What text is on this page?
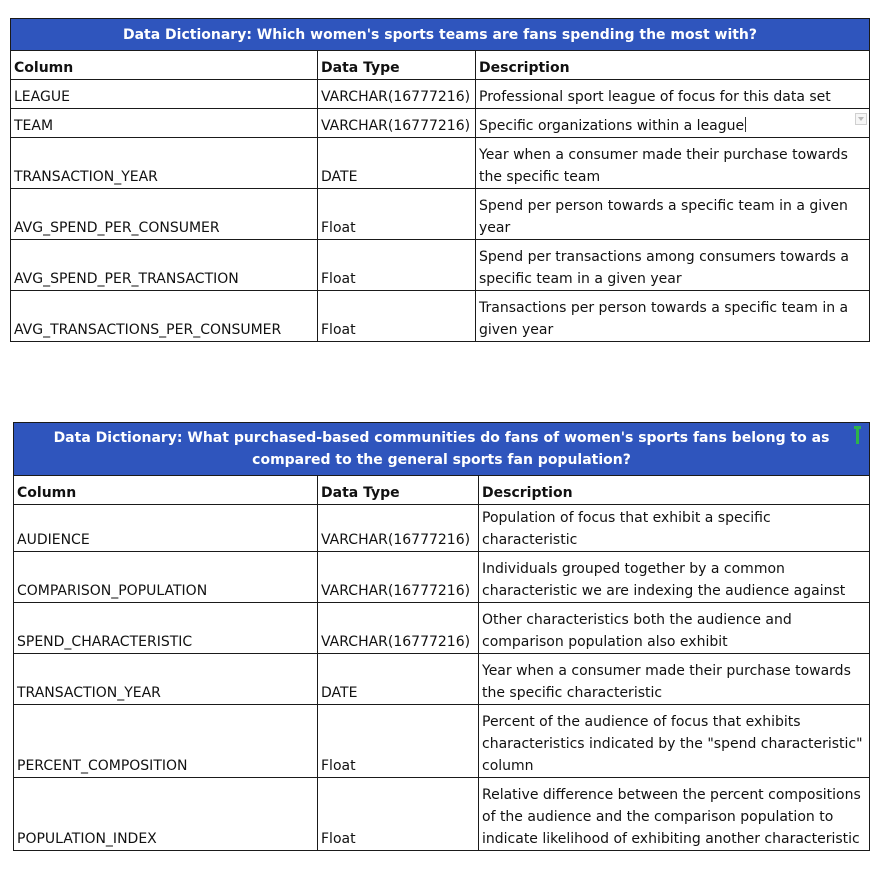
Data Dictionary: Which women's sports teams are fans spending the most with?		
Column	Data Type	Description
LEAGUE	VARCHAR(16777216)	Professional sport league of focus for this data set
TEAM	VARCHAR(16777216)	Specific organizations within a league

TRANSACTION_YEAR	DATE	Year when a consumer made their purchase towards the specific team
AVG_SPEND_PER_CONSUMER	Float	Spend per person towards a specific team in a given year
AVG_SPEND_PER_TRANSACTION	Float	Spend per transactions among consumers towards a specific team in a given year
AVG_TRANSACTIONS_PER_CONSUMER	Float	Transactions per person towards a specific team in a given year
Data Dictionary: What purchased-based communities do fans of women's sports fans belong to as compared to the general sports fan population?		

Column	Data Type	Description
AUDIENCE	VARCHAR(16777216)	Population of focus that exhibit a specific characteristic
COMPARISON_POPULATION	VARCHAR(16777216)	Individuals grouped together by a common characteristic we are indexing the audience against
SPEND_CHARACTERISTIC	VARCHAR(16777216)	Other characteristics both the audience and comparison population also exhibit
TRANSACTION_YEAR	DATE	Year when a consumer made their purchase towards the specific characteristic
PERCENT_COMPOSITION	Float	Percent of the audience of focus that exhibits characteristics indicated by the "spend characteristic" column
POPULATION_INDEX	Float	Relative difference between the percent compositions of the audience and the comparison population to indicate likelihood of exhibiting another characteristic
